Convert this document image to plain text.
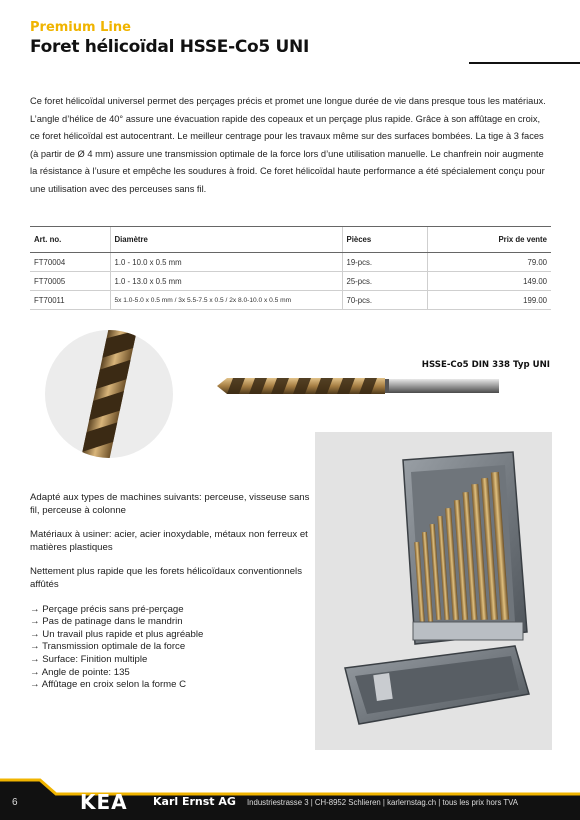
Premium Line
Foret hélicoïdal HSSE-Co5 UNI

Ce foret hélicoïdal universel permet des perçages précis et promet une longue durée de vie dans presque tous les matériaux. L’angle d’hélice de 40° assure une évacuation rapide des copeaux et un perçage plus rapide. Grâce à son affûtage en croix, ce foret hélicoïdal est autocentrant. Le meilleur centrage pour les travaux même sur des surfaces bombées. La tige à 3 faces (à partir de Ø 4 mm) assure une transmission optimale de la force lors d’une utilisation manuelle. Le chanfrein noir augmente la résistance à l’usure et empêche les soudures à froid. Ce foret hélicoïdal haute performance a été spécialement conçu pour une utilisation avec des perceuses sans fil.

Art. no.	Diamètre	Pièces	Prix de vente
FT70004	1.0 - 10.0 x 0.5 mm	19-pcs.	79.00
FT70005	1.0 - 13.0 x 0.5 mm	25-pcs.	149.00
FT70011	5x 1.0-5.0 x 0.5 mm / 3x 5.5-7.5 x 0.5 / 2x 8.0-10.0 x 0.5 mm	70-pcs.	199.00
HSSE-Co5 DIN 338 Typ UNI

Adapté aux types de machines suivants: perceuse, visseuse sans fil, perceuse à colonne

Matériaux à usiner: acier, acier inoxydable, métaux non ferreux et matières plastiques

Nettement plus rapide que les forets hélicoïdaux conventionnels affûtés

→ Perçage précis sans pré-perçage
→ Pas de patinage dans le mandrin
→ Un travail plus rapide et plus agréable
→ Transmission optimale de la force
→ Surface: Finition multiple
→ Angle de pointe: 135
→ Affûtage en croix selon la forme C
6	KEA Karl Ernst AG Industriestrasse 3 | CH-8952 Schlieren | karlernstag.ch | tous les prix hors TVA
